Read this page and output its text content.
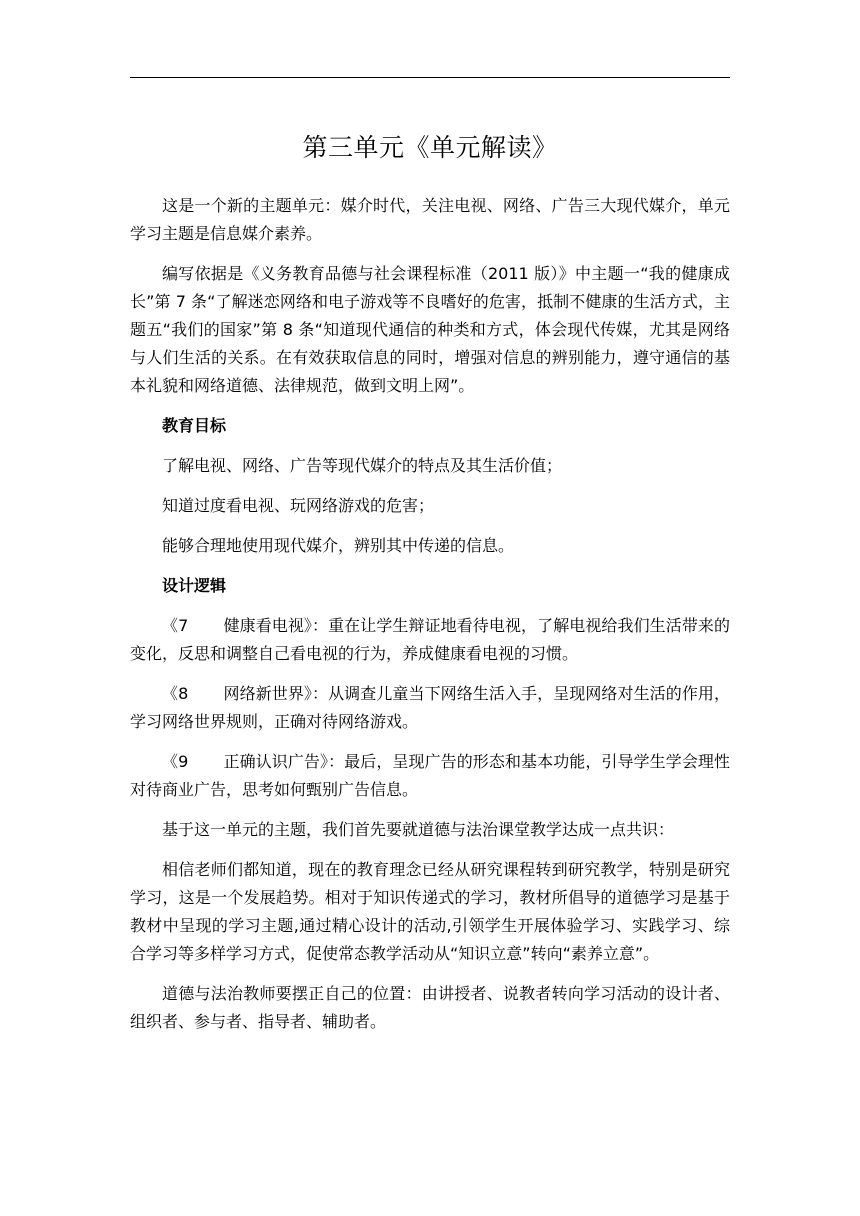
第三单元《单元解读》

这是一个新的主题单元：媒介时代，关注电视、网络、广告三大现代媒介，单元学习主题是信息媒介素养。

编写依据是《义务教育品德与社会课程标准（2011 版）》中主题一“我的健康成长”第 7 条“了解迷恋网络和电子游戏等不良嗜好的危害，抵制不健康的生活方式，主题五“我们的国家”第 8 条“知道现代通信的种类和方式，体会现代传媒，尤其是网络与人们生活的关系。在有效获取信息的同时，增强对信息的辨别能力，遵守通信的基本礼貌和网络道德、法律规范，做到文明上网”。

教育目标

了解电视、网络、广告等现代媒介的特点及其生活价值；

知道过度看电视、玩网络游戏的危害；

能够合理地使用现代媒介，辨别其中传递的信息。

设计逻辑

《7 健康看电视》：重在让学生辩证地看待电视，了解电视给我们生活带来的变化，反思和调整自己看电视的行为，养成健康看电视的习惯。

《8 网络新世界》：从调查儿童当下网络生活入手，呈现网络对生活的作用，学习网络世界规则，正确对待网络游戏。

《9 正确认识广告》：最后，呈现广告的形态和基本功能，引导学生学会理性对待商业广告，思考如何甄别广告信息。

基于这一单元的主题，我们首先要就道德与法治课堂教学达成一点共识：

相信老师们都知道，现在的教育理念已经从研究课程转到研究教学，特别是研究学习，这是一个发展趋势。相对于知识传递式的学习，教材所倡导的道德学习是基于教材中呈现的学习主题,通过精心设计的活动,引领学生开展体验学习、实践学习、综合学习等多样学习方式，促使常态教学活动从“知识立意”转向“素养立意”。

道德与法治教师要摆正自己的位置：由讲授者、说教者转向学习活动的设计者、组织者、参与者、指导者、辅助者。
